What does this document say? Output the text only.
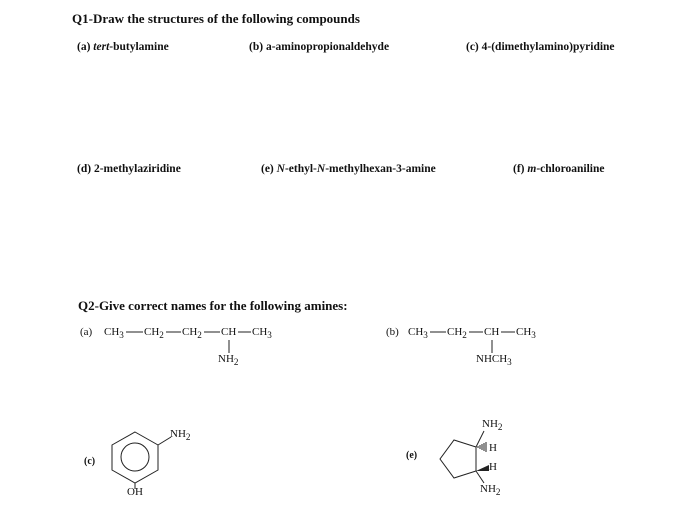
Q1-Draw the structures of the following compounds
(a) tert-butylamine	(b) a-aminopropionaldehyde	(c) 4-(dimethylamino)pyridine
(d) 2-methylaziridine	(e) N-ethyl-N-methylhexan-3-amine	(f) m-chloroaniline
Q2-Give correct names for the following amines:
(a) $CH_3$ $CH_2$ $CH_2$ CH $CH_3$
$NH_2$
(b) $CH_3$ $CH_2$ CH $CH_3$
$NHCH_3$
(c)
$NH_2$
OH
(e)
$NH_2$
H
H
$NH_2$
